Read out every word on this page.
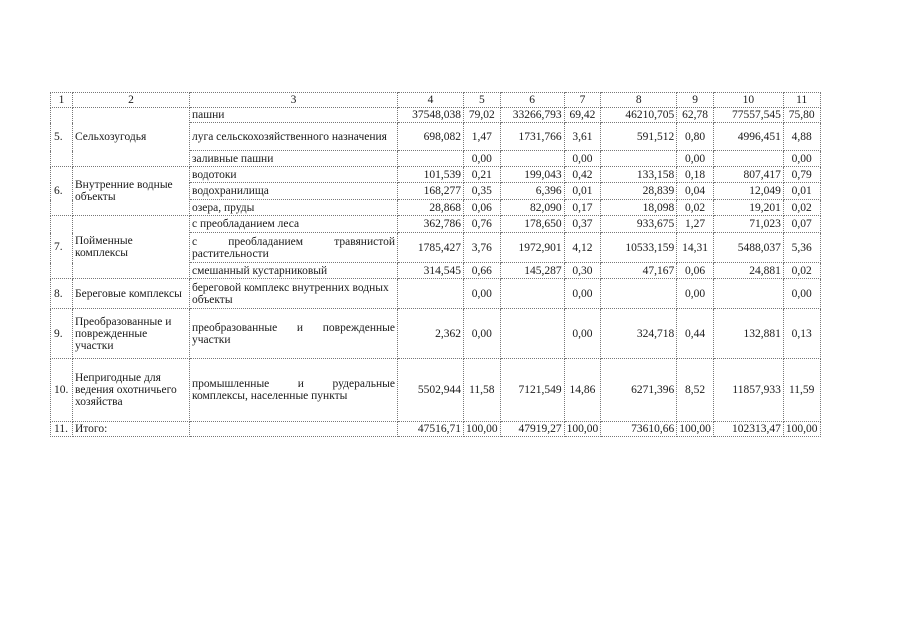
1	2	3	4	5	6	7	8	9	10	11
5.	Сельхозугодья	пашни	37548,038	79,02	33266,793	69,42	46210,705	62,78	77557,545	75,80
		луга сельскохозяйственного назначения	698,082	1,47	1731,766	3,61	591,512	0,80	4996,451	4,88
		заливные пашни		0,00		0,00		0,00		0,00
6.	Внутренние водные объекты	водотоки	101,539	0,21	199,043	0,42	133,158	0,18	807,417	0,79
		водохранилища	168,277	0,35	6,396	0,01	28,839	0,04	12,049	0,01
		озера, пруды	28,868	0,06	82,090	0,17	18,098	0,02	19,201	0,02
7.	Пойменные комплексы	с преобладанием леса	362,786	0,76	178,650	0,37	933,675	1,27	71,023	0,07
		с преобладанием травянистой растительности	1785,427	3,76	1972,901	4,12	10533,159	14,31	5488,037	5,36
		смешанный кустарниковый	314,545	0,66	145,287	0,30	47,167	0,06	24,881	0,02
8.	Береговые комплексы	береговой комплекс внутренних водных объекты		0,00		0,00		0,00		0,00
9.	Преобразованные и поврежденные участки	преобразованные и поврежденные участки	2,362	0,00		0,00	324,718	0,44	132,881	0,13
10.	Непригодные для ведения охотничьего хозяйства	промышленные и рудеральные комплексы, населенные пункты	5502,944	11,58	7121,549	14,86	6271,396	8,52	11857,933	11,59
11.	Итого:		47516,71	100,00	47919,27	100,00	73610,66	100,00	102313,47	100,00
